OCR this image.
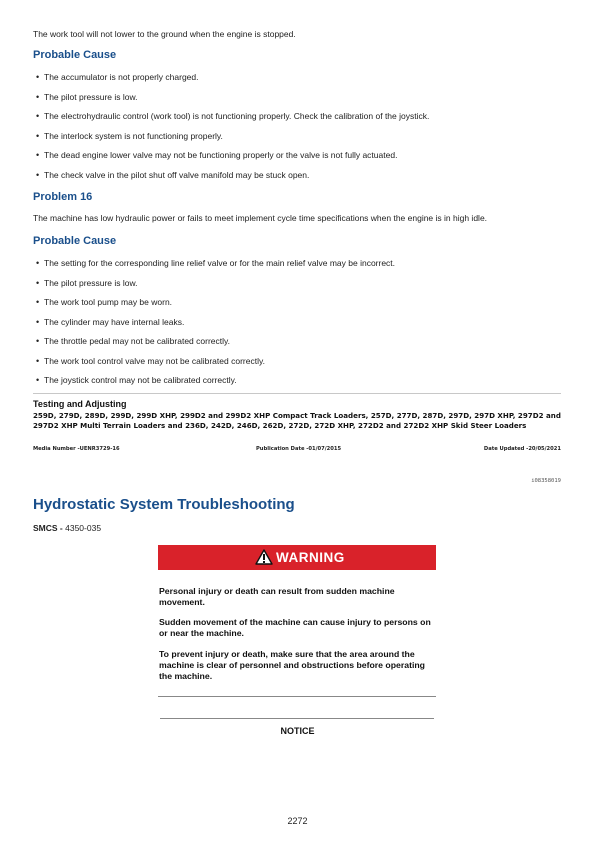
The work tool will not lower to the ground when the engine is stopped.
Probable Cause
• The accumulator is not properly charged.
• The pilot pressure is low.
• The electrohydraulic control (work tool) is not functioning properly. Check the calibration of the joystick.
• The interlock system is not functioning properly.
• The dead engine lower valve may not be functioning properly or the valve is not fully actuated.
• The check valve in the pilot shut off valve manifold may be stuck open.
Problem 16
The machine has low hydraulic power or fails to meet implement cycle time specifications when the engine is in high idle.
Probable Cause
• The setting for the corresponding line relief valve or for the main relief valve may be incorrect.
• The pilot pressure is low.
• The work tool pump may be worn.
• The cylinder may have internal leaks.
• The throttle pedal may not be calibrated correctly.
• The work tool control valve may not be calibrated correctly.
• The joystick control may not be calibrated correctly.
Testing and Adjusting
259D, 279D, 289D, 299D, 299D XHP, 299D2 and 299D2 XHP Compact Track Loaders, 257D, 277D, 287D, 297D, 297D XHP, 297D2 and 297D2 XHP Multi Terrain Loaders and 236D, 242D, 246D, 262D, 272D, 272D XHP, 272D2 and 272D2 XHP Skid Steer Loaders
Media Number -UENR3729-16	Publication Date -01/07/2015	Date Updated -20/05/2021
i08358019
Hydrostatic System Troubleshooting
SMCS - 4350-035
WARNING
Personal injury or death can result from sudden machine movement.
Sudden movement of the machine can cause injury to persons on or near the machine.
To prevent injury or death, make sure that the area around the machine is clear of personnel and obstructions before operating the machine.
NOTICE
2272
